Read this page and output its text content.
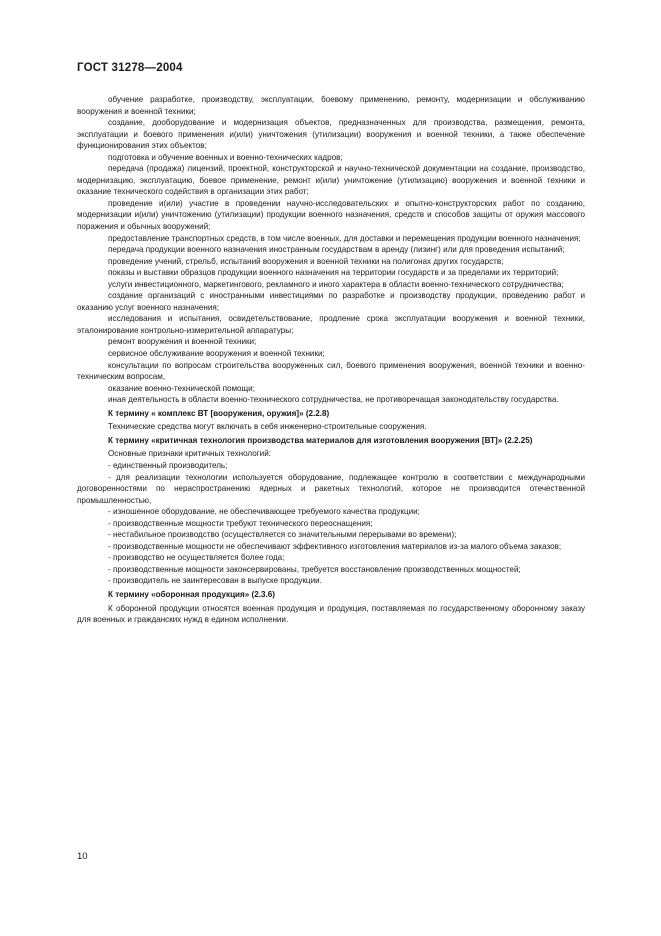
ГОСТ 31278—2004

обучение разработке, производству, эксплуатации, боевому применению, ремонту, модернизации и обслуживанию вооружения и военной техники;

создание, дооборудование и модернизация объектов, предназначенных для производства, размещения, ремонта, эксплуатации и боевого применения и(или) уничтожения (утилизации) вооружения и военной техники, а также обеспечение функционирования этих объектов;

подготовка и обучение военных и военно-технических кадров;

передача (продажа) лицензий, проектной, конструкторской и научно-технической документации на создание, производство, модернизацию, эксплуатацию, боевое применение, ремонт и(или) уничтожение (утилизацию) вооружения и военной техники и оказание технического содействия в организации этих работ;

проведение и(или) участие в проведении научно-исследовательских и опытно-конструкторских работ по созданию, модернизации и(или) уничтожению (утилизации) продукции военного назначения, средств и способов защиты от оружия массового поражения и обычных вооружений;

предоставление транспортных средств, в том числе военных, для доставки и перемещения продукции военного назначения;

передача продукции военного назначения иностранным государствам в аренду (лизинг) или для проведения испытаний;

проведение учений, стрельб, испытаний вооружения и военной техники на полигонах других государств;

показы и выставки образцов продукции военного назначения на территории государств и за пределами их территорий;

услуги инвестиционного, маркетингового, рекламного и иного характера в области военно-технического сотрудничества;

создание организаций с иностранными инвестициями по разработке и производству продукции, проведению работ и оказанию услуг военного назначения;

исследования и испытания, освидетельствование, продление срока эксплуатации вооружения и военной техники, эталонирование контрольно-измерительной аппаратуры;

ремонт вооружения и военной техники;

сервисное обслуживание вооружения и военной техники;

консультации по вопросам строительства вооруженных сил, боевого применения вооружения, военной техники и военно-техническим вопросам,

оказание военно-технической помощи;

иная деятельность в области военно-технического сотрудничества, не противоречащая законодательству государства.

К термину « комплекс ВТ [вооружения, оружия]» (2.2.8)

Технические средства могут включать в себя инженерно-строительные сооружения.

К термину «критичная технология производства материалов для изготовления вооружения [ВТ]» (2.2.25)

Основные признаки критичных технологий:

- единственный производитель;

- для реализации технологии используется оборудование, подлежащее контролю в соответствии с международными договоренностями по нераспространению ядерных и ракетных технологий, которое не производится отечественной промышленностью,

- изношенное оборудование, не обеспечивающее требуемого качества продукции;

- производственные мощности требуют технического переоснащения;

- нестабильное производство (осуществляется со значительными перерывами во времени);

- производственные мощности не обеспечивают эффективного изготовления материалов из-за малого объема заказов;

- производство не осуществляется более года;

- производственные мощности законсервированы, требуется восстановление производственных мощностей;

- производитель не заинтересован в выпуске продукции.

К термину «оборонная продукция» (2.3.6)

К оборонной продукции относятся военная продукция и продукция, поставляемая по государственному оборонному заказу для военных и гражданских нужд в едином исполнении.

10
